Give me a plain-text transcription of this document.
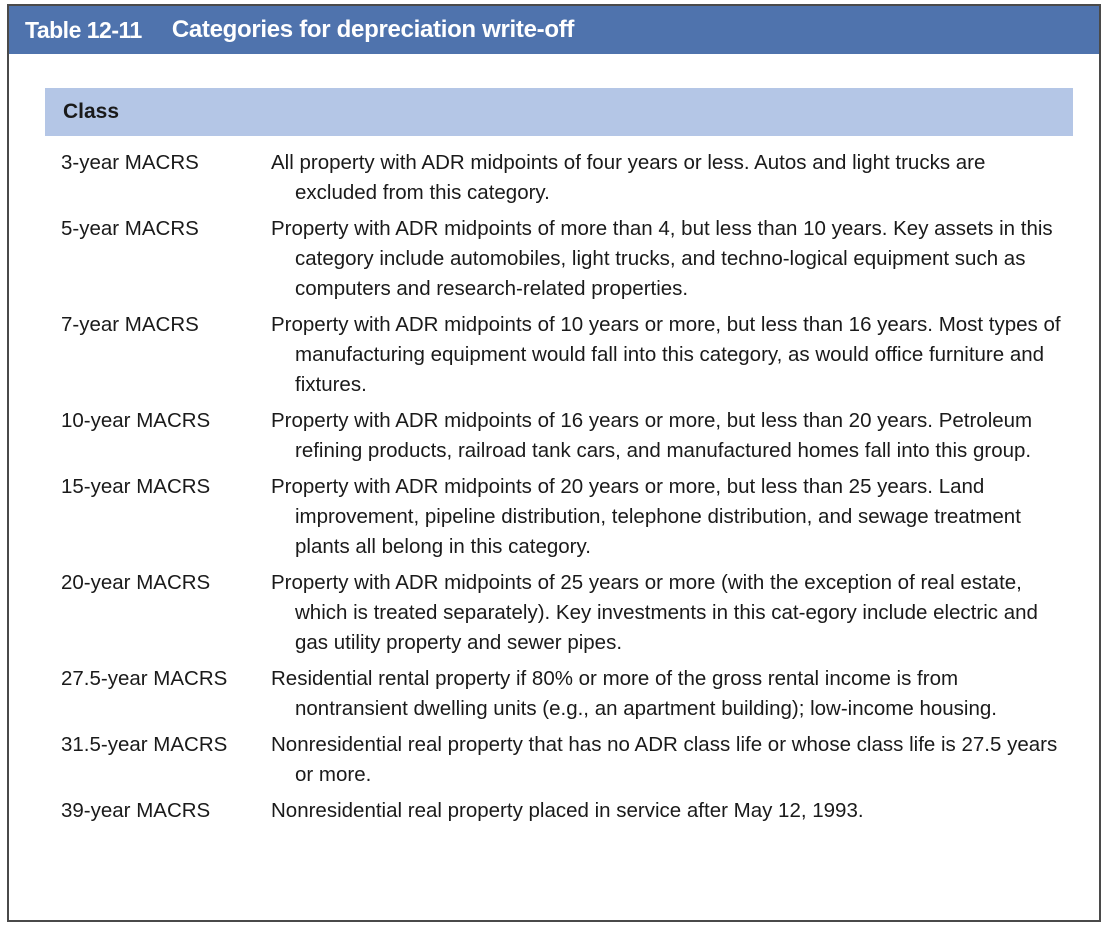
Table 12-11 Categories for depreciation write-off
Class
3-year MACRS	All property with ADR midpoints of four years or less. Autos and light trucks are excluded from this category.
5-year MACRS	Property with ADR midpoints of more than 4, but less than 10 years. Key assets in this category include automobiles, light trucks, and techno-logical equipment such as computers and research-related properties.
7-year MACRS	Property with ADR midpoints of 10 years or more, but less than 16 years. Most types of manufacturing equipment would fall into this category, as would office furniture and fixtures.
10-year MACRS	Property with ADR midpoints of 16 years or more, but less than 20 years. Petroleum refining products, railroad tank cars, and manufactured homes fall into this group.
15-year MACRS	Property with ADR midpoints of 20 years or more, but less than 25 years. Land improvement, pipeline distribution, telephone distribution, and sewage treatment plants all belong in this category.
20-year MACRS	Property with ADR midpoints of 25 years or more (with the exception of real estate, which is treated separately). Key investments in this cat-egory include electric and gas utility property and sewer pipes.
27.5-year MACRS	Residential rental property if 80% or more of the gross rental income is from nontransient dwelling units (e.g., an apartment building); low-income housing.
31.5-year MACRS	Nonresidential real property that has no ADR class life or whose class life is 27.5 years or more.
39-year MACRS	Nonresidential real property placed in service after May 12, 1993.
